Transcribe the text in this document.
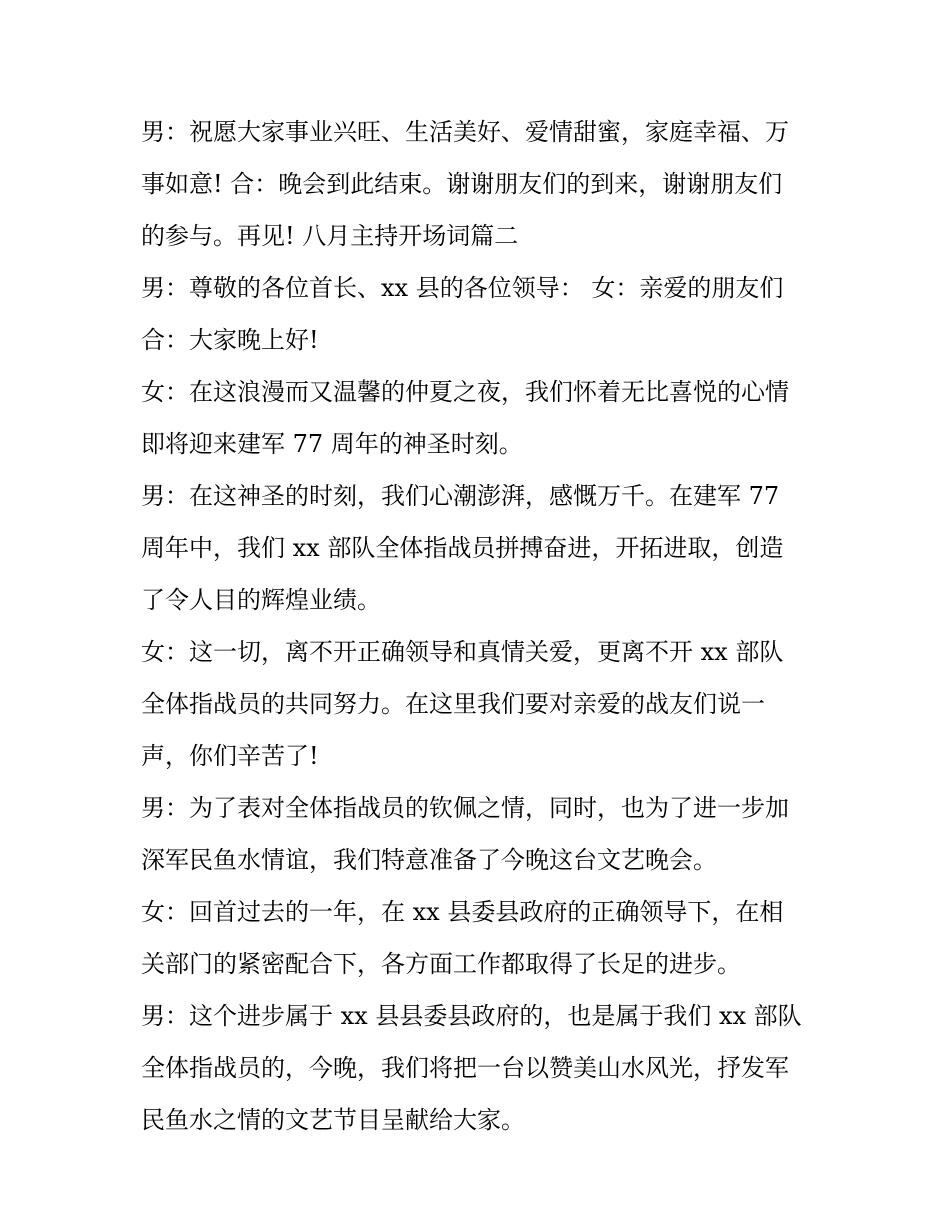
男：祝愿大家事业兴旺、生活美好、爱情甜蜜，家庭幸福、万
事如意! 合：晚会到此结束。谢谢朋友们的到来，谢谢朋友们
的参与。再见! 八月主持开场词篇二
男：尊敬的各位首长、xx 县的各位领导： 女：亲爱的朋友们
合：大家晚上好!
女：在这浪漫而又温馨的仲夏之夜，我们怀着无比喜悦的心情
即将迎来建军 77 周年的神圣时刻。
男：在这神圣的时刻，我们心潮澎湃，感慨万千。在建军 77
周年中，我们 xx 部队全体指战员拼搏奋进，开拓进取，创造
了令人目的辉煌业绩。
女：这一切，离不开正确领导和真情关爱，更离不开 xx 部队
全体指战员的共同努力。在这里我们要对亲爱的战友们说一
声，你们辛苦了!
男：为了表对全体指战员的钦佩之情，同时，也为了进一步加
深军民鱼水情谊，我们特意准备了今晚这台文艺晚会。
女：回首过去的一年，在 xx 县委县政府的正确领导下，在相
关部门的紧密配合下，各方面工作都取得了长足的进步。
男：这个进步属于 xx 县县委县政府的，也是属于我们 xx 部队
全体指战员的，今晚，我们将把一台以赞美山水风光，抒发军
民鱼水之情的文艺节目呈献给大家。
